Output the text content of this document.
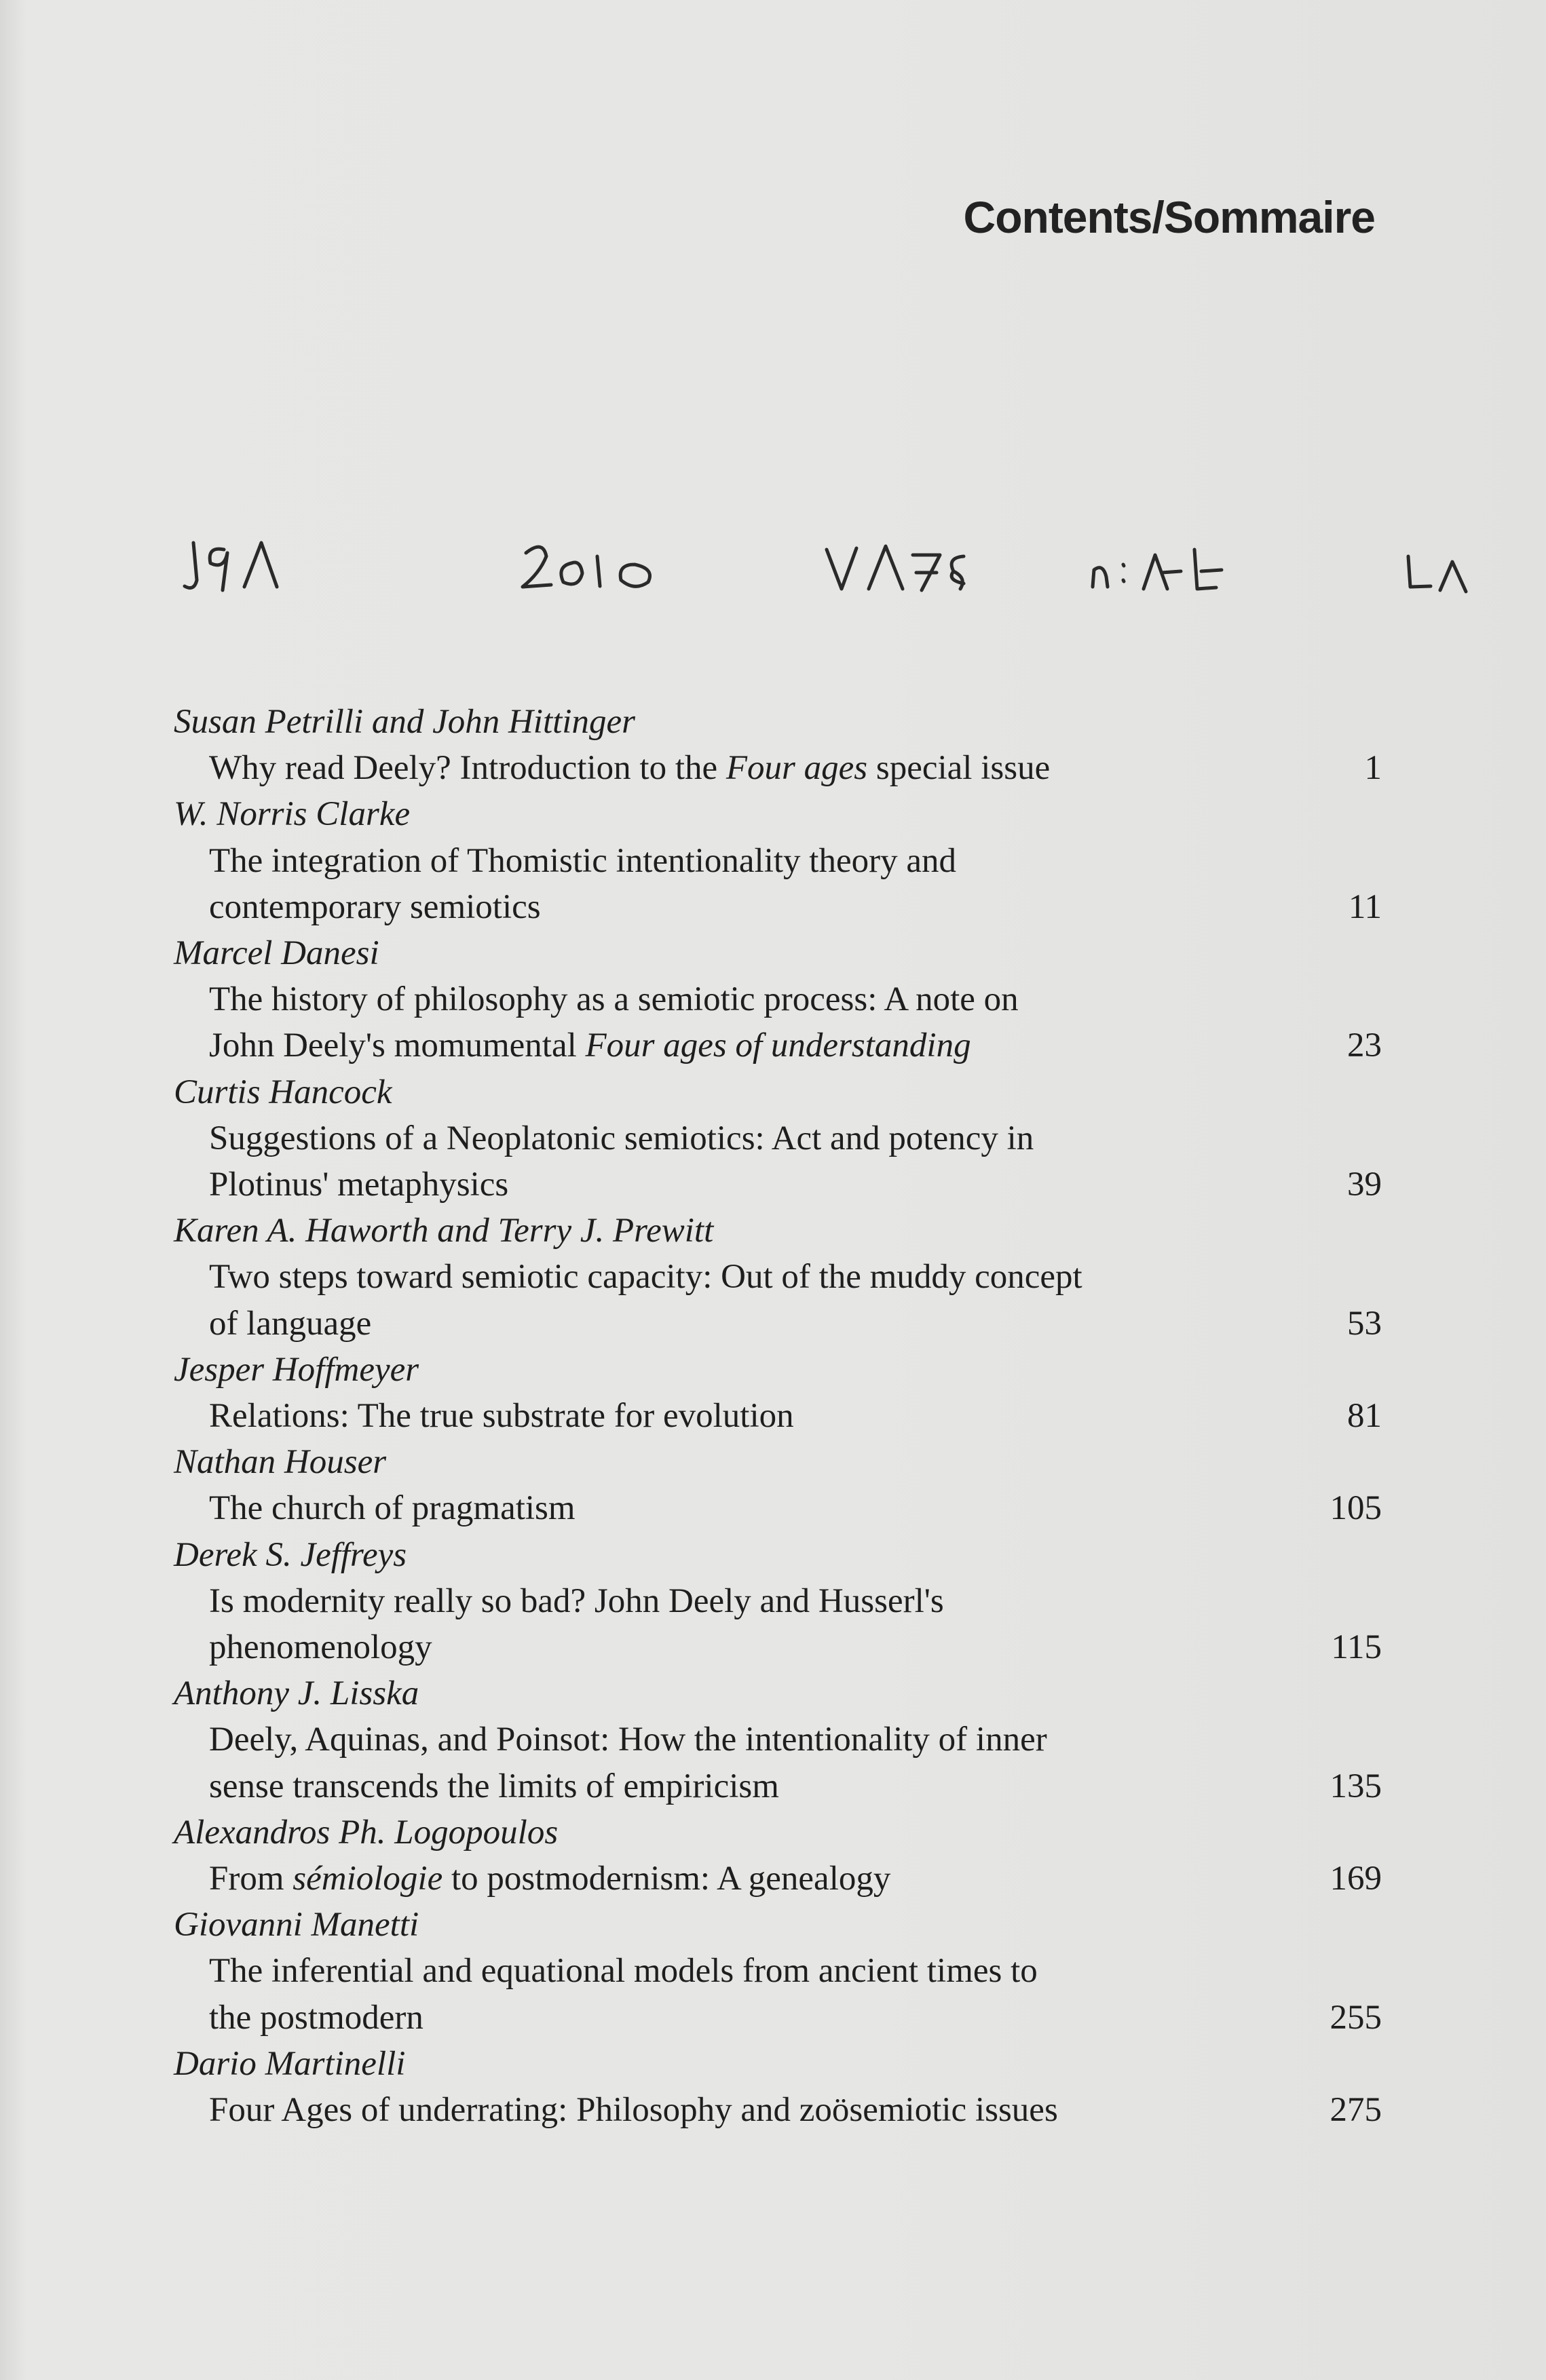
Contents/Sommaire
Susan Petrilli and John Hittinger
Why read Deely? Introduction to the Four ages special issue	1
W. Norris Clarke
The integration of Thomistic intentionality theory and
contemporary semiotics	11
Marcel Danesi
The history of philosophy as a semiotic process: A note on
John Deely's momumental Four ages of understanding	23
Curtis Hancock
Suggestions of a Neoplatonic semiotics: Act and potency in
Plotinus' metaphysics	39
Karen A. Haworth and Terry J. Prewitt
Two steps toward semiotic capacity: Out of the muddy concept
of language	53
Jesper Hoffmeyer
Relations: The true substrate for evolution	81
Nathan Houser
The church of pragmatism	105
Derek S. Jeffreys
Is modernity really so bad? John Deely and Husserl's
phenomenology	115
Anthony J. Lisska
Deely, Aquinas, and Poinsot: How the intentionality of inner
sense transcends the limits of empiricism	135
Alexandros Ph. Logopoulos
From sémiologie to postmodernism: A genealogy	169
Giovanni Manetti
The inferential and equational models from ancient times to
the postmodern	255
Dario Martinelli
Four Ages of underrating: Philosophy and zoösemiotic issues	275
